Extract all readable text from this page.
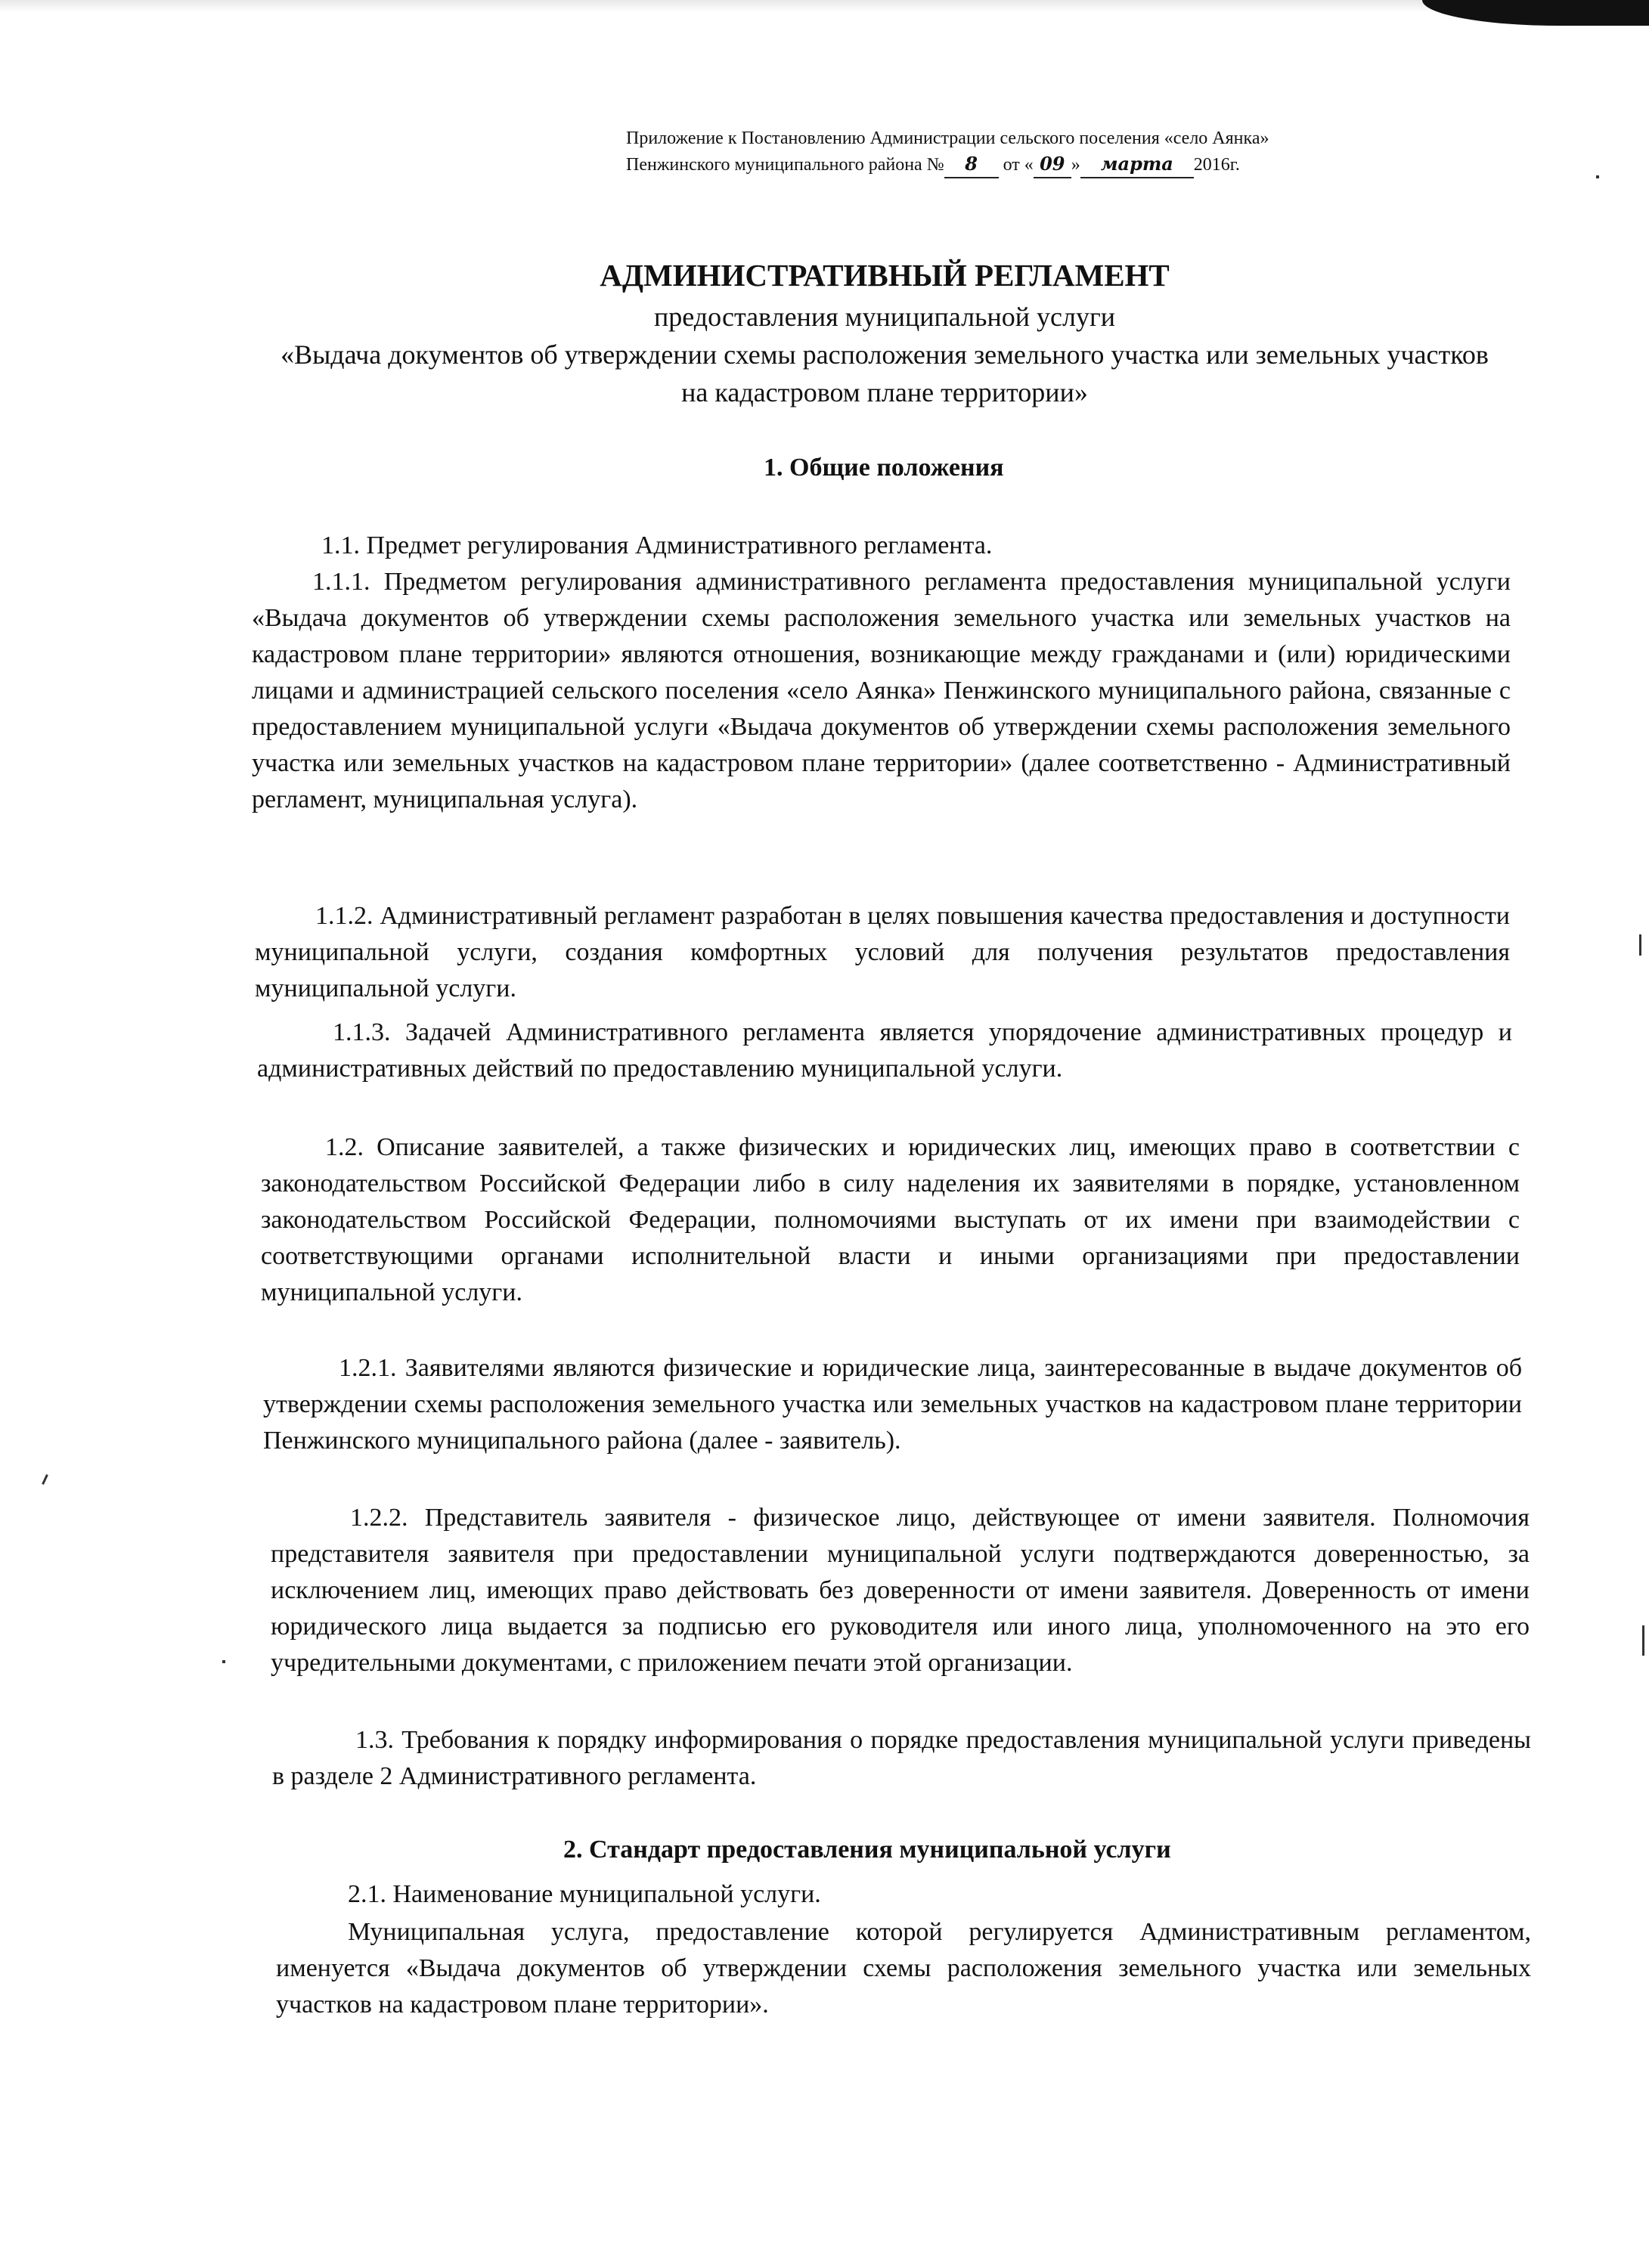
Приложение к Постановлению Администрации сельского поселения «село Аянка»
Пенжинского муниципального района № 8 от « 09 » марта 2016г.
АДМИНИСТРАТИВНЫЙ РЕГЛАМЕНТ
предоставления муниципальной услуги
«Выдача документов об утверждении схемы расположения земельного участка или земельных участков на кадастровом плане территории»
1. Общие положения
1.1. Предмет регулирования Административного регламента.
1.1.1. Предметом регулирования административного регламента предоставления муниципальной услуги «Выдача документов об утверждении схемы расположения земельного участка или земельных участков на кадастровом плане территории» являются отношения, возникающие между гражданами и (или) юридическими лицами и администрацией сельского поселения «село Аянка» Пенжинского муниципального района, связанные с предоставлением муниципальной услуги «Выдача документов об утверждении схемы расположения земельного участка или земельных участков на кадастровом плане территории» (далее соответственно - Административный регламент, муниципальная услуга).
1.1.2. Административный регламент разработан в целях повышения качества предоставления и доступности муниципальной услуги, создания комфортных условий для получения результатов предоставления муниципальной услуги.
1.1.3. Задачей Административного регламента является упорядочение административных процедур и административных действий по предоставлению муниципальной услуги.
1.2. Описание заявителей, а также физических и юридических лиц, имеющих право в соответствии с законодательством Российской Федерации либо в силу наделения их заявителями в порядке, установленном законодательством Российской Федерации, полномочиями выступать от их имени при взаимодействии с соответствующими органами исполнительной власти и иными организациями при предоставлении муниципальной услуги.
1.2.1. Заявителями являются физические и юридические лица, заинтересованные в выдаче документов об утверждении схемы расположения земельного участка или земельных участков на кадастровом плане территории Пенжинского муниципального района (далее - заявитель).
1.2.2. Представитель заявителя - физическое лицо, действующее от имени заявителя. Полномочия представителя заявителя при предоставлении муниципальной услуги подтверждаются доверенностью, за исключением лиц, имеющих право действовать без доверенности от имени заявителя. Доверенность от имени юридического лица выдается за подписью его руководителя или иного лица, уполномоченного на это его учредительными документами, с приложением печати этой организации.
1.3. Требования к порядку информирования о порядке предоставления муниципальной услуги приведены в разделе 2 Административного регламента.
2. Стандарт предоставления муниципальной услуги
2.1. Наименование муниципальной услуги.
Муниципальная услуга, предоставление которой регулируется Административным регламентом, именуется «Выдача документов об утверждении схемы расположения земельного участка или земельных участков на кадастровом плане территории».
